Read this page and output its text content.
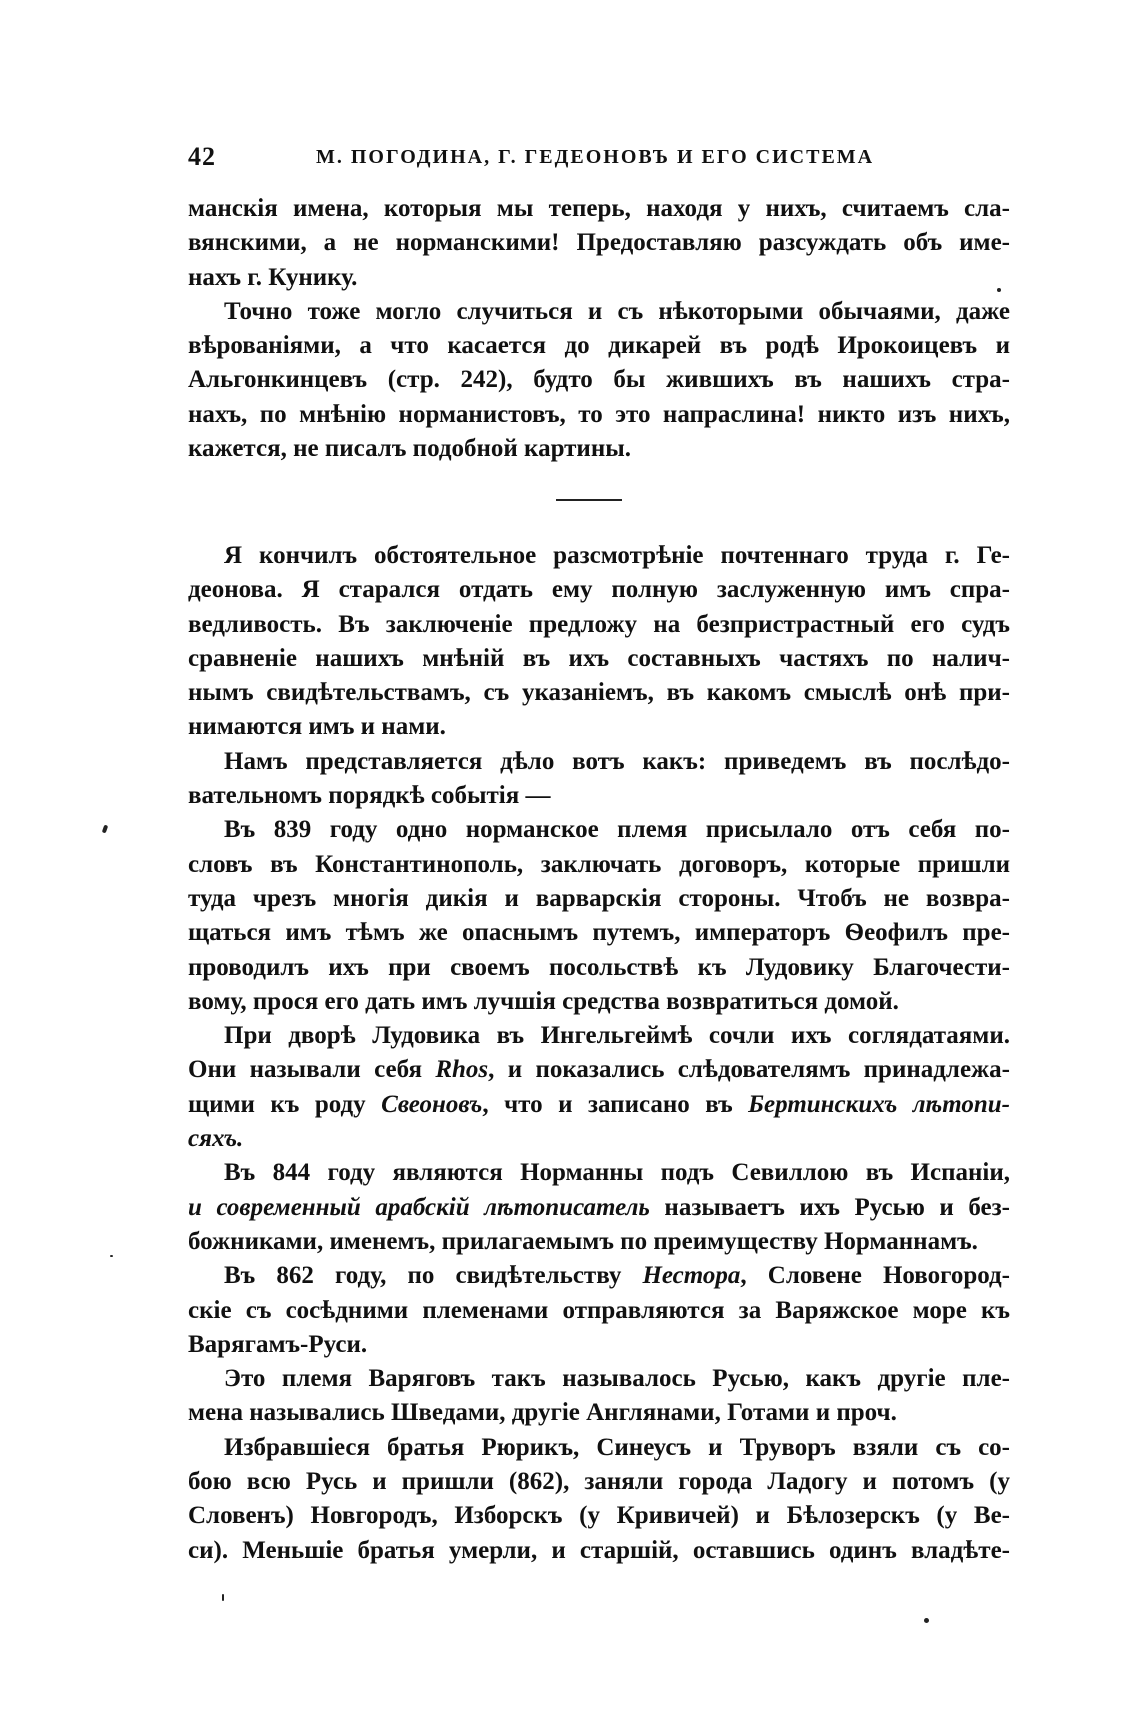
42	М. ПОГОДИНА, Г. ГЕДЕОНОВЪ И ЕГО СИСТЕМА
манскія имена, которыя мы теперь, находя у нихъ, считаемъ сла-
вянскими, а не норманскими! Предоставляю разсуждать объ име-
нахъ г. Кунику.
Точно тоже могло случиться и съ нѣкоторыми обычаями, даже
вѣрованіями, а что касается до дикарей въ родѣ Ирокоицевъ и
Альгонкинцевъ (стр. 242), будто бы жившихъ въ нашихъ стра-
нахъ, по мнѣнію норманистовъ, то это напраслина! никто изъ нихъ,
кажется, не писалъ подобной картины.
Я кончилъ обстоятельное разсмотрѣніе почтеннаго труда г. Ге-
деонова. Я старался отдать ему полную заслуженную имъ спра-
ведливость. Въ заключеніе предложу на безпристрастный его судъ
сравненіе нашихъ мнѣній въ ихъ составныхъ частяхъ по налич-
нымъ свидѣтельствамъ, съ указаніемъ, въ какомъ смыслѣ онѣ при-
нимаются имъ и нами.
Намъ представляется дѣло вотъ какъ: приведемъ въ послѣдо-
вательномъ порядкѣ событія —
Въ 839 году одно норманское племя присылало отъ себя по-
словъ въ Константинополь, заключать договоръ, которые пришли
туда чрезъ многія дикія и варварскія стороны. Чтобъ не возвра-
щаться имъ тѣмъ же опаснымъ путемъ, императоръ Ѳеофилъ пре-
проводилъ ихъ при своемъ посольствѣ къ Лудовику Благочести-
вому, прося его дать имъ лучшія средства возвратиться домой.
При дворѣ Лудовика въ Ингельгеймѣ сочли ихъ соглядатаями.
Они называли себя Rhos, и показались слѣдователямъ принадлежа-
щими къ роду Свеоновъ, что и записано въ Бертинскихъ лѣтопи-
сяхъ.
Въ 844 году являются Норманны подъ Севиллою въ Испаніи,
и современный арабскій лѣтописатель называетъ ихъ Русью и без-
божниками, именемъ, прилагаемымъ по преимуществу Норманнамъ.
Въ 862 году, по свидѣтельству Нестора, Словене Новогород-
скіе съ сосѣдними племенами отправляются за Варяжское море къ
Варягамъ-Руси.
Это племя Варяговъ такъ называлось Русью, какъ другіе пле-
мена назывались Шведами, другіе Англянами, Готами и проч.
Избравшіеся братья Рюрикъ, Синеусъ и Труворъ взяли съ со-
бою всю Русь и пришли (862), заняли города Ладогу и потомъ (у
Словенъ) Новгородъ, Изборскъ (у Кривичей) и Бѣлозерскъ (у Ве-
си). Меньшіе братья умерли, и старшій, оставшись одинъ владѣте-
